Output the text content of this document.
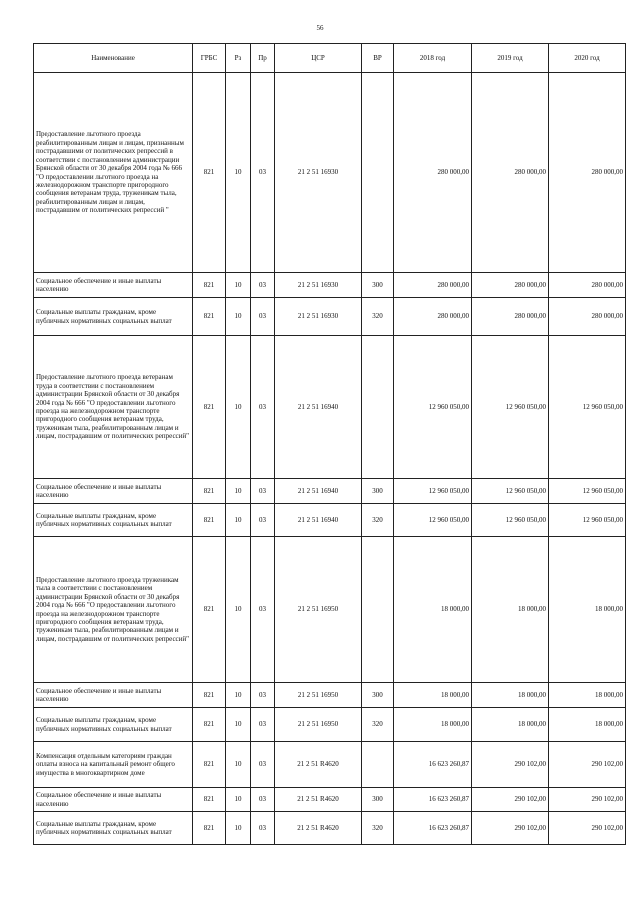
56
Наименование	ГРБС	Рз	Пр	ЦСР	ВР	2018 год	2019 год	2020 год
Предоставление льготного проезда реабилитированным лицам и лицам, признанным пострадавшими от политических репрессий в соответствии с постановлением администрации Брянской области от 30 декабря 2004 года № 666 "О предоставлении льготного проезда на железнодорожном транспорте пригородного сообщения ветеранам труда, труженикам тыла, реабилитированным лицам и лицам, пострадавшим от политических репрессий "	821	10	03	21 2 51 16930		280 000,00	280 000,00	280 000,00
Социальное обеспечение и иные выплаты населению	821	10	03	21 2 51 16930	300	280 000,00	280 000,00	280 000,00
Социальные выплаты гражданам, кроме публичных нормативных социальных выплат	821	10	03	21 2 51 16930	320	280 000,00	280 000,00	280 000,00
Предоставление льготного проезда ветеранам труда в соответствии с постановлением администрации Брянской области от 30 декабря 2004 года № 666 "О предоставлении льготного проезда на железнодорожном транспорте пригородного сообщения ветеранам труда, труженикам тыла, реабилитированным лицам и лицам, пострадавшим от политических репрессий"	821	10	03	21 2 51 16940		12 960 050,00	12 960 050,00	12 960 050,00
Социальное обеспечение и иные выплаты населению	821	10	03	21 2 51 16940	300	12 960 050,00	12 960 050,00	12 960 050,00
Социальные выплаты гражданам, кроме публичных нормативных социальных выплат	821	10	03	21 2 51 16940	320	12 960 050,00	12 960 050,00	12 960 050,00
Предоставление льготного проезда труженикам тыла в соответствии с постановлением администрации Брянской области от 30 декабря 2004 года № 666 "О предоставлении льготного проезда на железнодорожном транспорте пригородного сообщения ветеранам труда, труженикам тыла, реабилитированным лицам и лицам, пострадавшим от политических репрессий"	821	10	03	21 2 51 16950		18 000,00	18 000,00	18 000,00
Социальное обеспечение и иные выплаты населению	821	10	03	21 2 51 16950	300	18 000,00	18 000,00	18 000,00
Социальные выплаты гражданам, кроме публичных нормативных социальных выплат	821	10	03	21 2 51 16950	320	18 000,00	18 000,00	18 000,00
Компенсация отдельным категориям граждан оплаты взноса на капитальный ремонт общего имущества в многоквартирном доме	821	10	03	21 2 51 R4620		16 623 260,87	290 102,00	290 102,00
Социальное обеспечение и иные выплаты населению	821	10	03	21 2 51 R4620	300	16 623 260,87	290 102,00	290 102,00
Социальные выплаты гражданам, кроме публичных нормативных социальных выплат	821	10	03	21 2 51 R4620	320	16 623 260,87	290 102,00	290 102,00
